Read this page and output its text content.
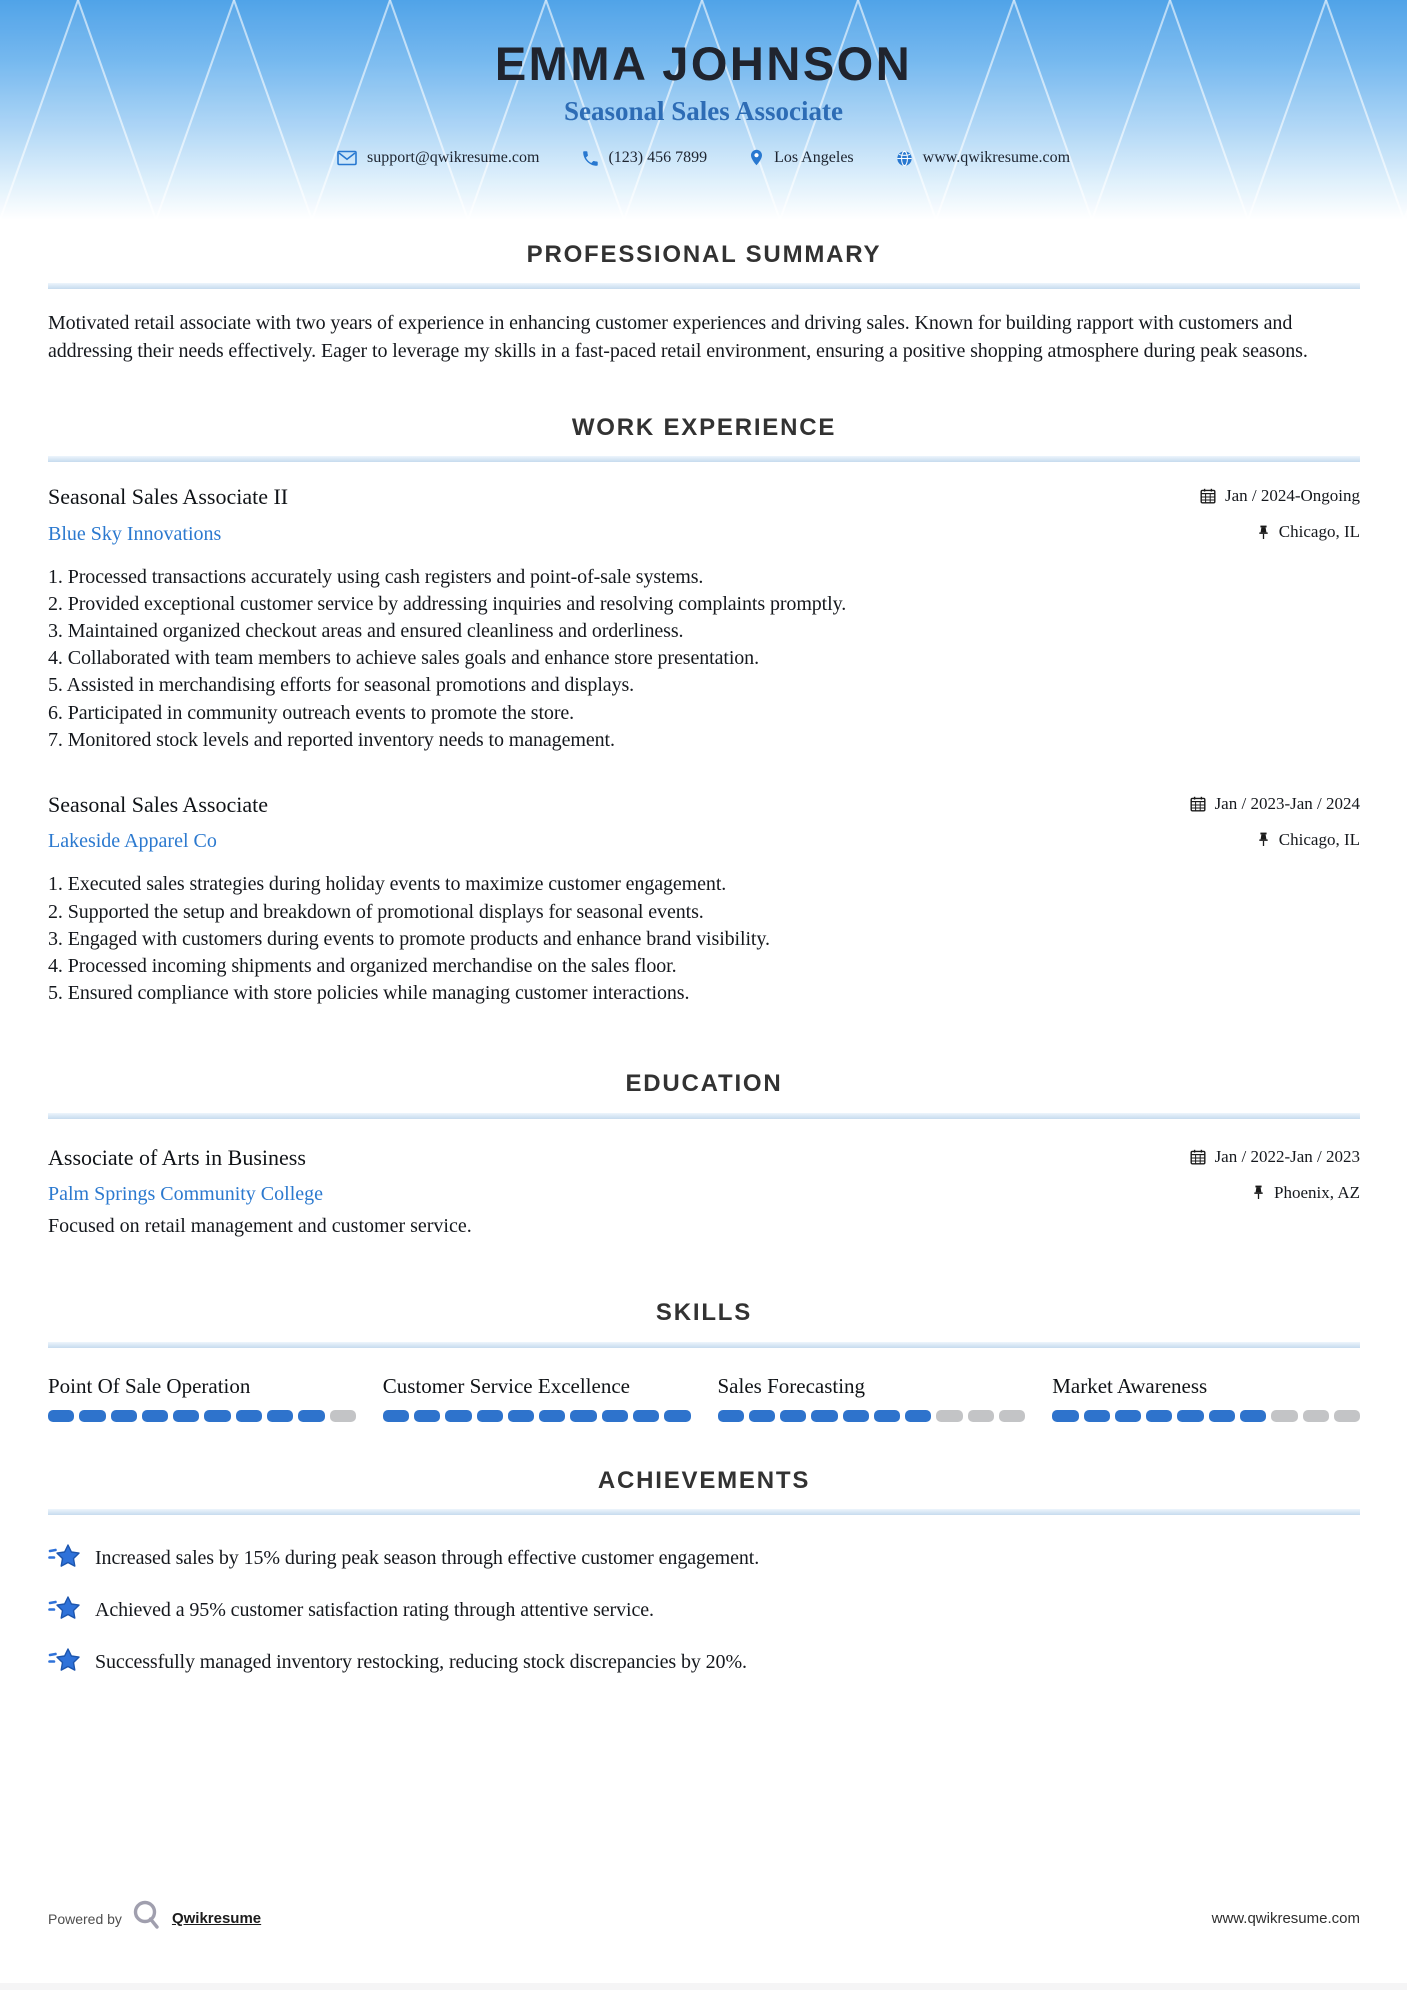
EMMA JOHNSON
Seasonal Sales Associate
support@qwikresume.com	(123) 456 7899	Los Angeles	www.qwikresume.com
PROFESSIONAL SUMMARY
Motivated retail associate with two years of experience in enhancing customer experiences and driving sales. Known for building rapport with customers and addressing their needs effectively. Eager to leverage my skills in a fast-paced retail environment, ensuring a positive shopping atmosphere during peak seasons.
WORK EXPERIENCE
Seasonal Sales Associate II	Jan / 2024-Ongoing
Blue Sky Innovations	Chicago, IL
Processed transactions accurately using cash registers and point-of-sale systems.
Provided exceptional customer service by addressing inquiries and resolving complaints promptly.
Maintained organized checkout areas and ensured cleanliness and orderliness.
Collaborated with team members to achieve sales goals and enhance store presentation.
Assisted in merchandising efforts for seasonal promotions and displays.
Participated in community outreach events to promote the store.
Monitored stock levels and reported inventory needs to management.
Seasonal Sales Associate	Jan / 2023-Jan / 2024
Lakeside Apparel Co	Chicago, IL
Executed sales strategies during holiday events to maximize customer engagement.
Supported the setup and breakdown of promotional displays for seasonal events.
Engaged with customers during events to promote products and enhance brand visibility.
Processed incoming shipments and organized merchandise on the sales floor.
Ensured compliance with store policies while managing customer interactions.
EDUCATION
Associate of Arts in Business	Jan / 2022-Jan / 2023
Palm Springs Community College	Phoenix, AZ
Focused on retail management and customer service.
SKILLS
Point Of Sale Operation	Customer Service Excellence	Sales Forecasting	Market Awareness
ACHIEVEMENTS
Increased sales by 15% during peak season through effective customer engagement.
Achieved a 95% customer satisfaction rating through attentive service.
Successfully managed inventory restocking, reducing stock discrepancies by 20%.
Powered by	Qwikresume	www.qwikresume.com
